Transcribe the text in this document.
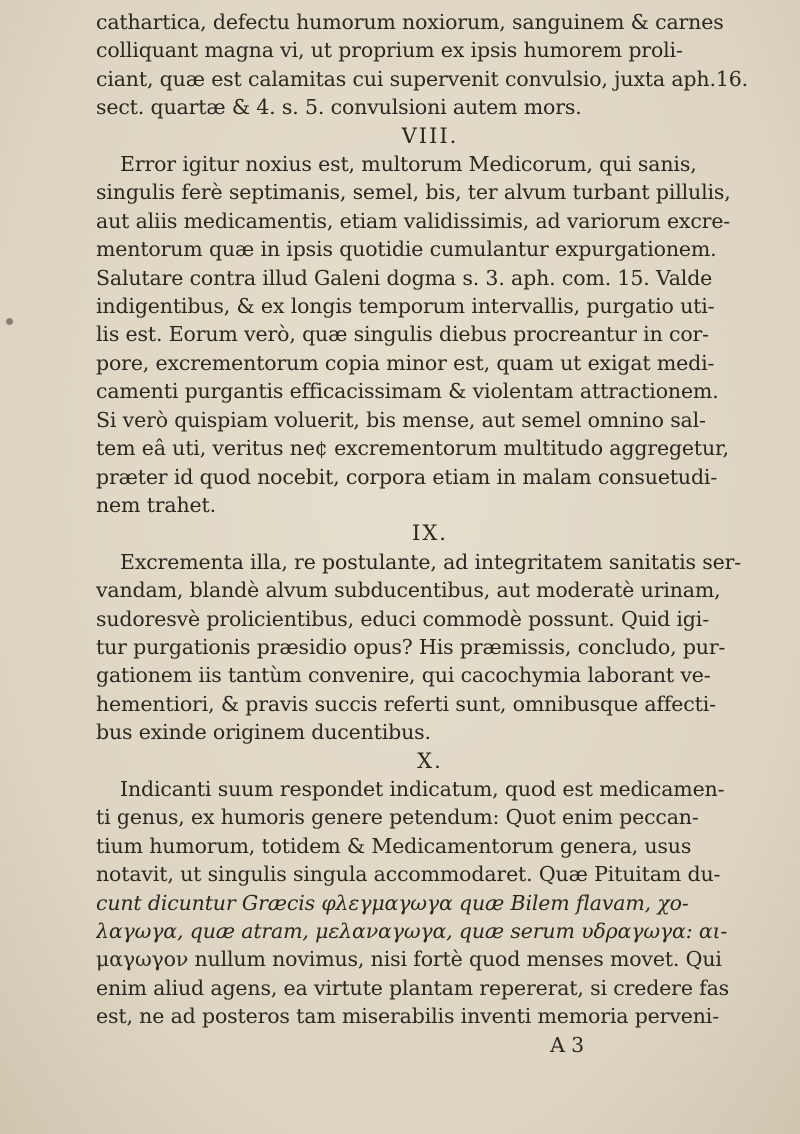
cathartica, defectu humorum noxiorum, sanguinem & carnes
colliquant magna vi, ut proprium ex ipsis humorem proli-
ciant, quæ est calamitas cui supervenit convulsio, juxta aph.16.
sect. quartæ & 4. s. 5. convulsioni autem mors.
VIII.
Error igitur noxius est, multorum Medicorum, qui sanis,
singulis ferè septimanis, semel, bis, ter alvum turbant pillulis,
aut aliis medicamentis, etiam validissimis, ad variorum excre-
mentorum quæ in ipsis quotidie cumulantur expurgationem.
Salutare contra illud Galeni dogma s. 3. aph. com. 15. Valde
indigentibus, & ex longis temporum intervallis, purgatio uti-
lis est. Eorum verò, quæ singulis diebus procreantur in cor-
pore, excrementorum copia minor est, quam ut exigat medi-
camenti purgantis efficacissimam & violentam attractionem.
Si verò quispiam voluerit, bis mense, aut semel omnino sal-
tem eâ uti, veritus ne¢ excrementorum multitudo aggregetur,
præter id quod nocebit, corpora etiam in malam consuetudi-
nem trahet.
IX.
Excrementa illa, re postulante, ad integritatem sanitatis ser-
vandam, blandè alvum subducentibus, aut moderatè urinam,
sudoresvè prolicientibus, educi commodè possunt. Quid igi-
tur purgationis præsidio opus? His præmissis, concludo, pur-
gationem iis tantùm convenire, qui cacochymia laborant ve-
hementiori, & pravis succis referti sunt, omnibusque affecti-
bus exinde originem ducentibus.
X.
Indicanti suum respondet indicatum, quod est medicamen-
ti genus, ex humoris genere petendum: Quot enim peccan-
tium humorum, totidem & Medicamentorum genera, usus
notavit, ut singulis singula accommodaret. Quæ Pituitam du-
cunt dicuntur Græcis φλεγμαγωγα quæ Bilem flavam, χο-
λαγωγα, quæ atram, μελαναγωγα, quæ serum υδραγωγα: αι-
μαγωγον nullum novimus, nisi fortè quod menses movet. Qui
enim aliud agens, ea virtute plantam repererat, si credere fas
est, ne ad posteros tam miserabilis inventi memoria perveni-
A 3
